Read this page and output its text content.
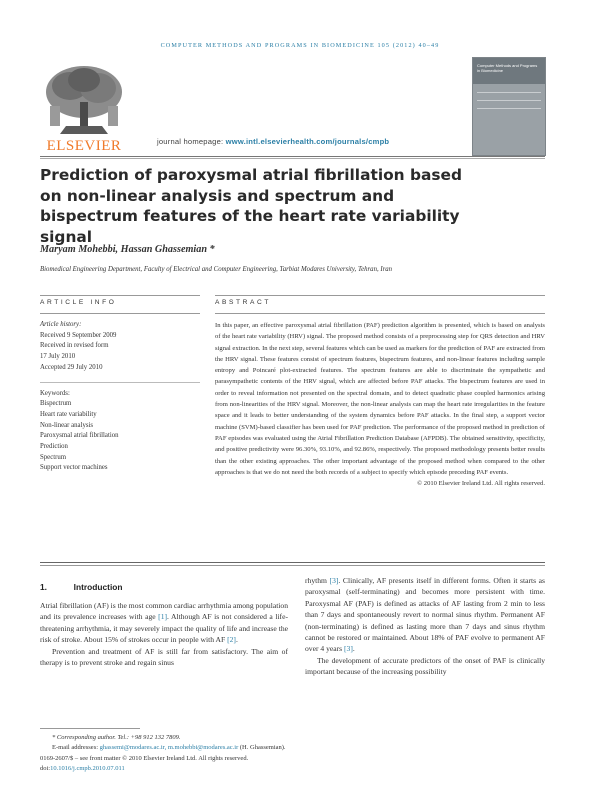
COMPUTER METHODS AND PROGRAMS IN BIOMEDICINE 105 (2012) 40–49
ELSEVIER	journal homepage: www.intl.elsevierhealth.com/journals/cmpb
Computer Methods and Programs in Biomedicine
Prediction of paroxysmal atrial fibrillation based on non-linear analysis and spectrum and bispectrum features of the heart rate variability signal
Maryam Mohebbi, Hassan Ghassemian *
Biomedical Engineering Department, Faculty of Electrical and Computer Engineering, Tarbiat Modares University, Tehran, Iran
ARTICLE INFO	ABSTRACT
Article history:
Received 9 September 2009
Received in revised form
17 July 2010
Accepted 29 July 2010
Keywords:
Bispectrum
Heart rate variability
Non-linear analysis
Paroxysmal atrial fibrillation
Prediction
Spectrum
Support vector machines
In this paper, an effective paroxysmal atrial fibrillation (PAF) prediction algorithm is presented, which is based on analysis of the heart rate variability (HRV) signal. The proposed method consists of a preprocessing step for QRS detection and HRV signal extraction. In the next step, several features which can be used as markers for the prediction of PAF are extracted from the HRV signal. These features consist of spectrum features, bispectrum features, and non-linear features including sample entropy and Poincaré plot-extracted features. The spectrum features are able to discriminate the sympathetic and parasympathetic contents of the HRV signal, which are affected before PAF attacks. The bispectrum features are used in order to reveal information not presented on the spectral domain, and to detect quadratic phase coupled harmonics arising from non-linearities of the HRV signal. Moreover, the non-linear analysis can map the heart rate irregularities in the feature space and it leads to better understanding of the system dynamics before PAF attacks. In the final step, a support vector machine (SVM)-based classifier has been used for PAF prediction. The performance of the proposed method in prediction of PAF episodes was evaluated using the Atrial Fibrillation Prediction Database (AFPDB). The obtained sensitivity, specificity, and positive predictivity were 96.30%, 93.10%, and 92.86%, respectively. The proposed methodology presents better results than the other existing approaches. The other important advantage of the proposed method when compared to the other approaches is that we do not need the both records of a subject to specify which episode preceding PAF events.
© 2010 Elsevier Ireland Ltd. All rights reserved.
1.	Introduction

Atrial fibrillation (AF) is the most common cardiac arrhythmia among population and its prevalence increases with age [1]. Although AF is not considered a life-threatening arrhythmia, it may severely impact the quality of life and increase the risk of stroke. About 15% of strokes occur in people with AF [2].

Prevention and treatment of AF is still far from satisfactory. The aim of therapy is to prevent stroke and regain sinus

rhythm [3]. Clinically, AF presents itself in different forms. Often it starts as paroxysmal (self-terminating) and becomes more persistent with time. Paroxysmal AF (PAF) is defined as attacks of AF lasting from 2 min to less than 7 days and spontaneously revert to normal sinus rhythm. Permanent AF (non-terminating) is defined as lasting more than 7 days and sinus rhythm cannot be restored or maintained. About 18% of PAF evolve to permanent AF over 4 years [3].

The development of accurate predictors of the onset of PAF is clinically important because of the increasing possibility

* Corresponding author. Tel.: +98 912 132 7809.
E-mail addresses: ghassemi@modares.ac.ir, m.mohebbi@modares.ac.ir (H. Ghassemian).
0169-2607/$ – see front matter © 2010 Elsevier Ireland Ltd. All rights reserved.
doi:10.1016/j.cmpb.2010.07.011
